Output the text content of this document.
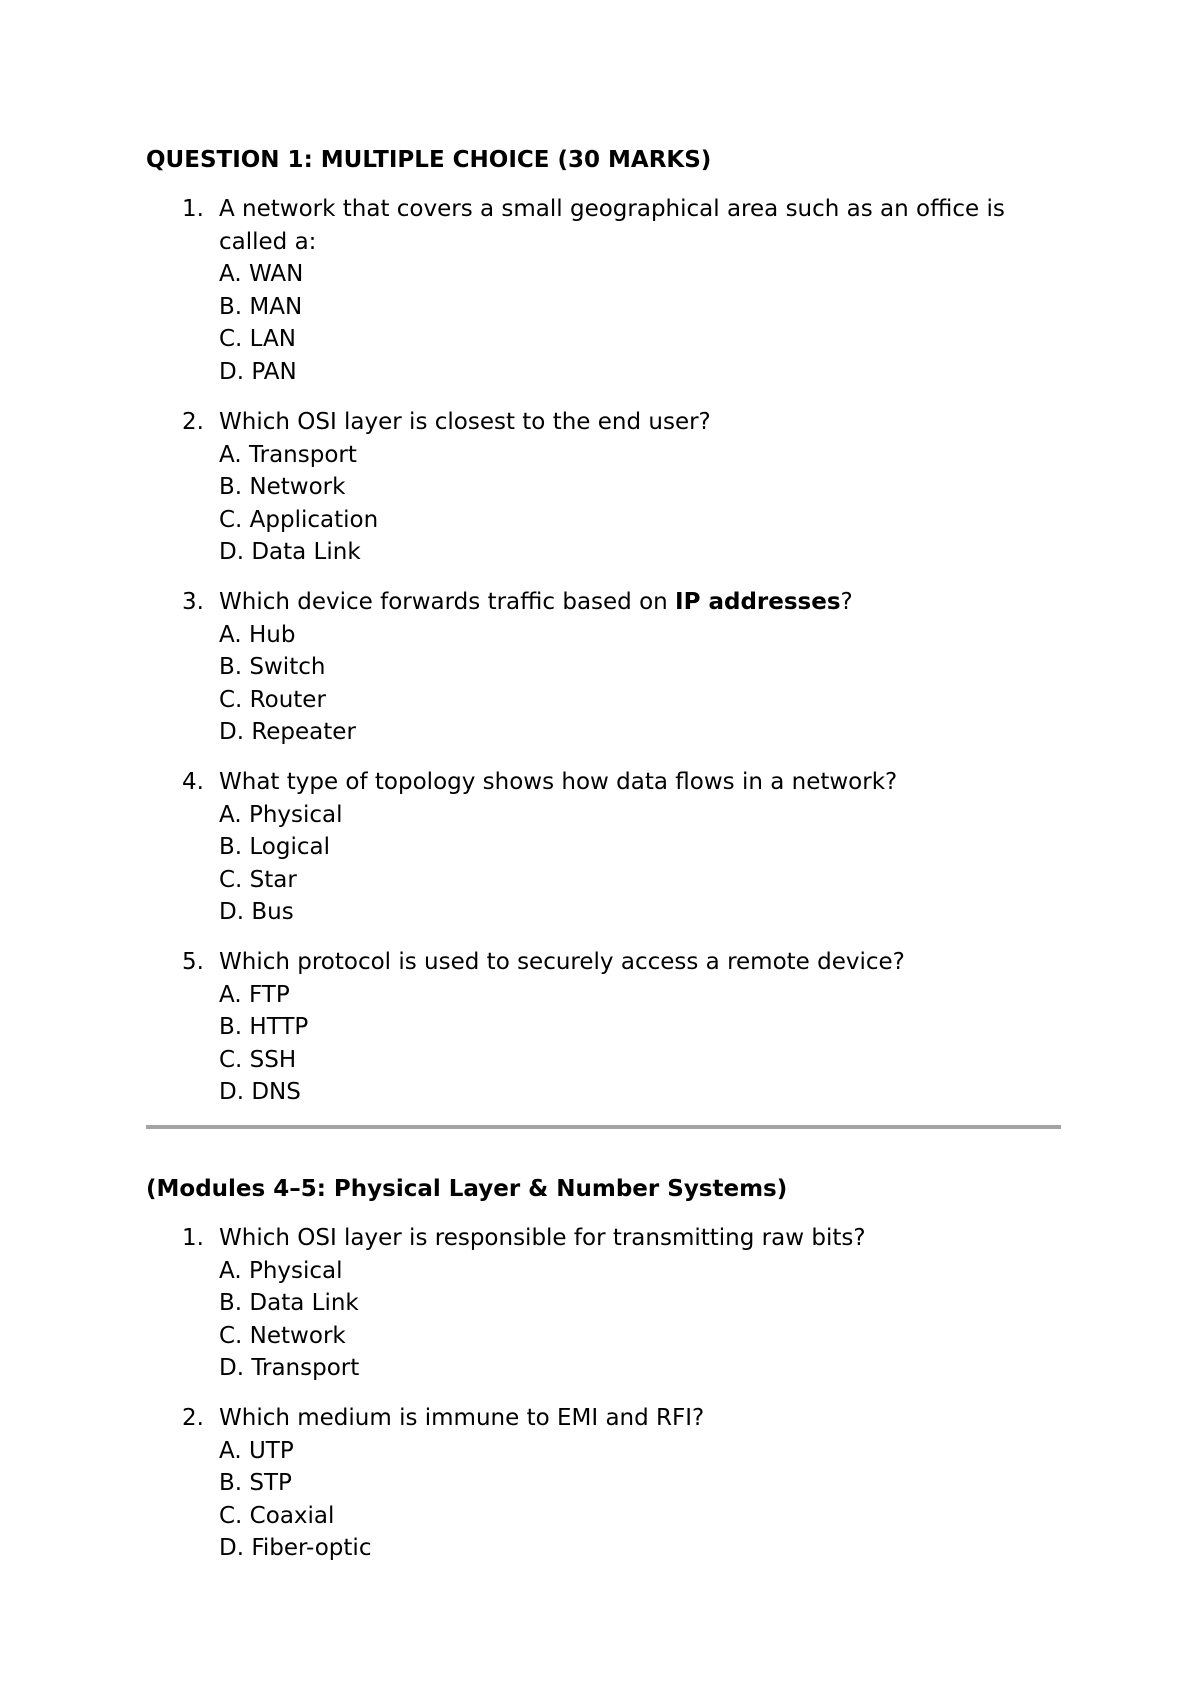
QUESTION 1: MULTIPLE CHOICE (30 MARKS)
1. A network that covers a small geographical area such as an office is called a:
A. WAN
B. MAN
C. LAN
D. PAN
2. Which OSI layer is closest to the end user?
A. Transport
B. Network
C. Application
D. Data Link
3. Which device forwards traffic based on IP addresses?
A. Hub
B. Switch
C. Router
D. Repeater
4. What type of topology shows how data flows in a network?
A. Physical
B. Logical
C. Star
D. Bus
5. Which protocol is used to securely access a remote device?
A. FTP
B. HTTP
C. SSH
D. DNS
(Modules 4–5: Physical Layer & Number Systems)
1. Which OSI layer is responsible for transmitting raw bits?
A. Physical
B. Data Link
C. Network
D. Transport
2. Which medium is immune to EMI and RFI?
A. UTP
B. STP
C. Coaxial
D. Fiber-optic
